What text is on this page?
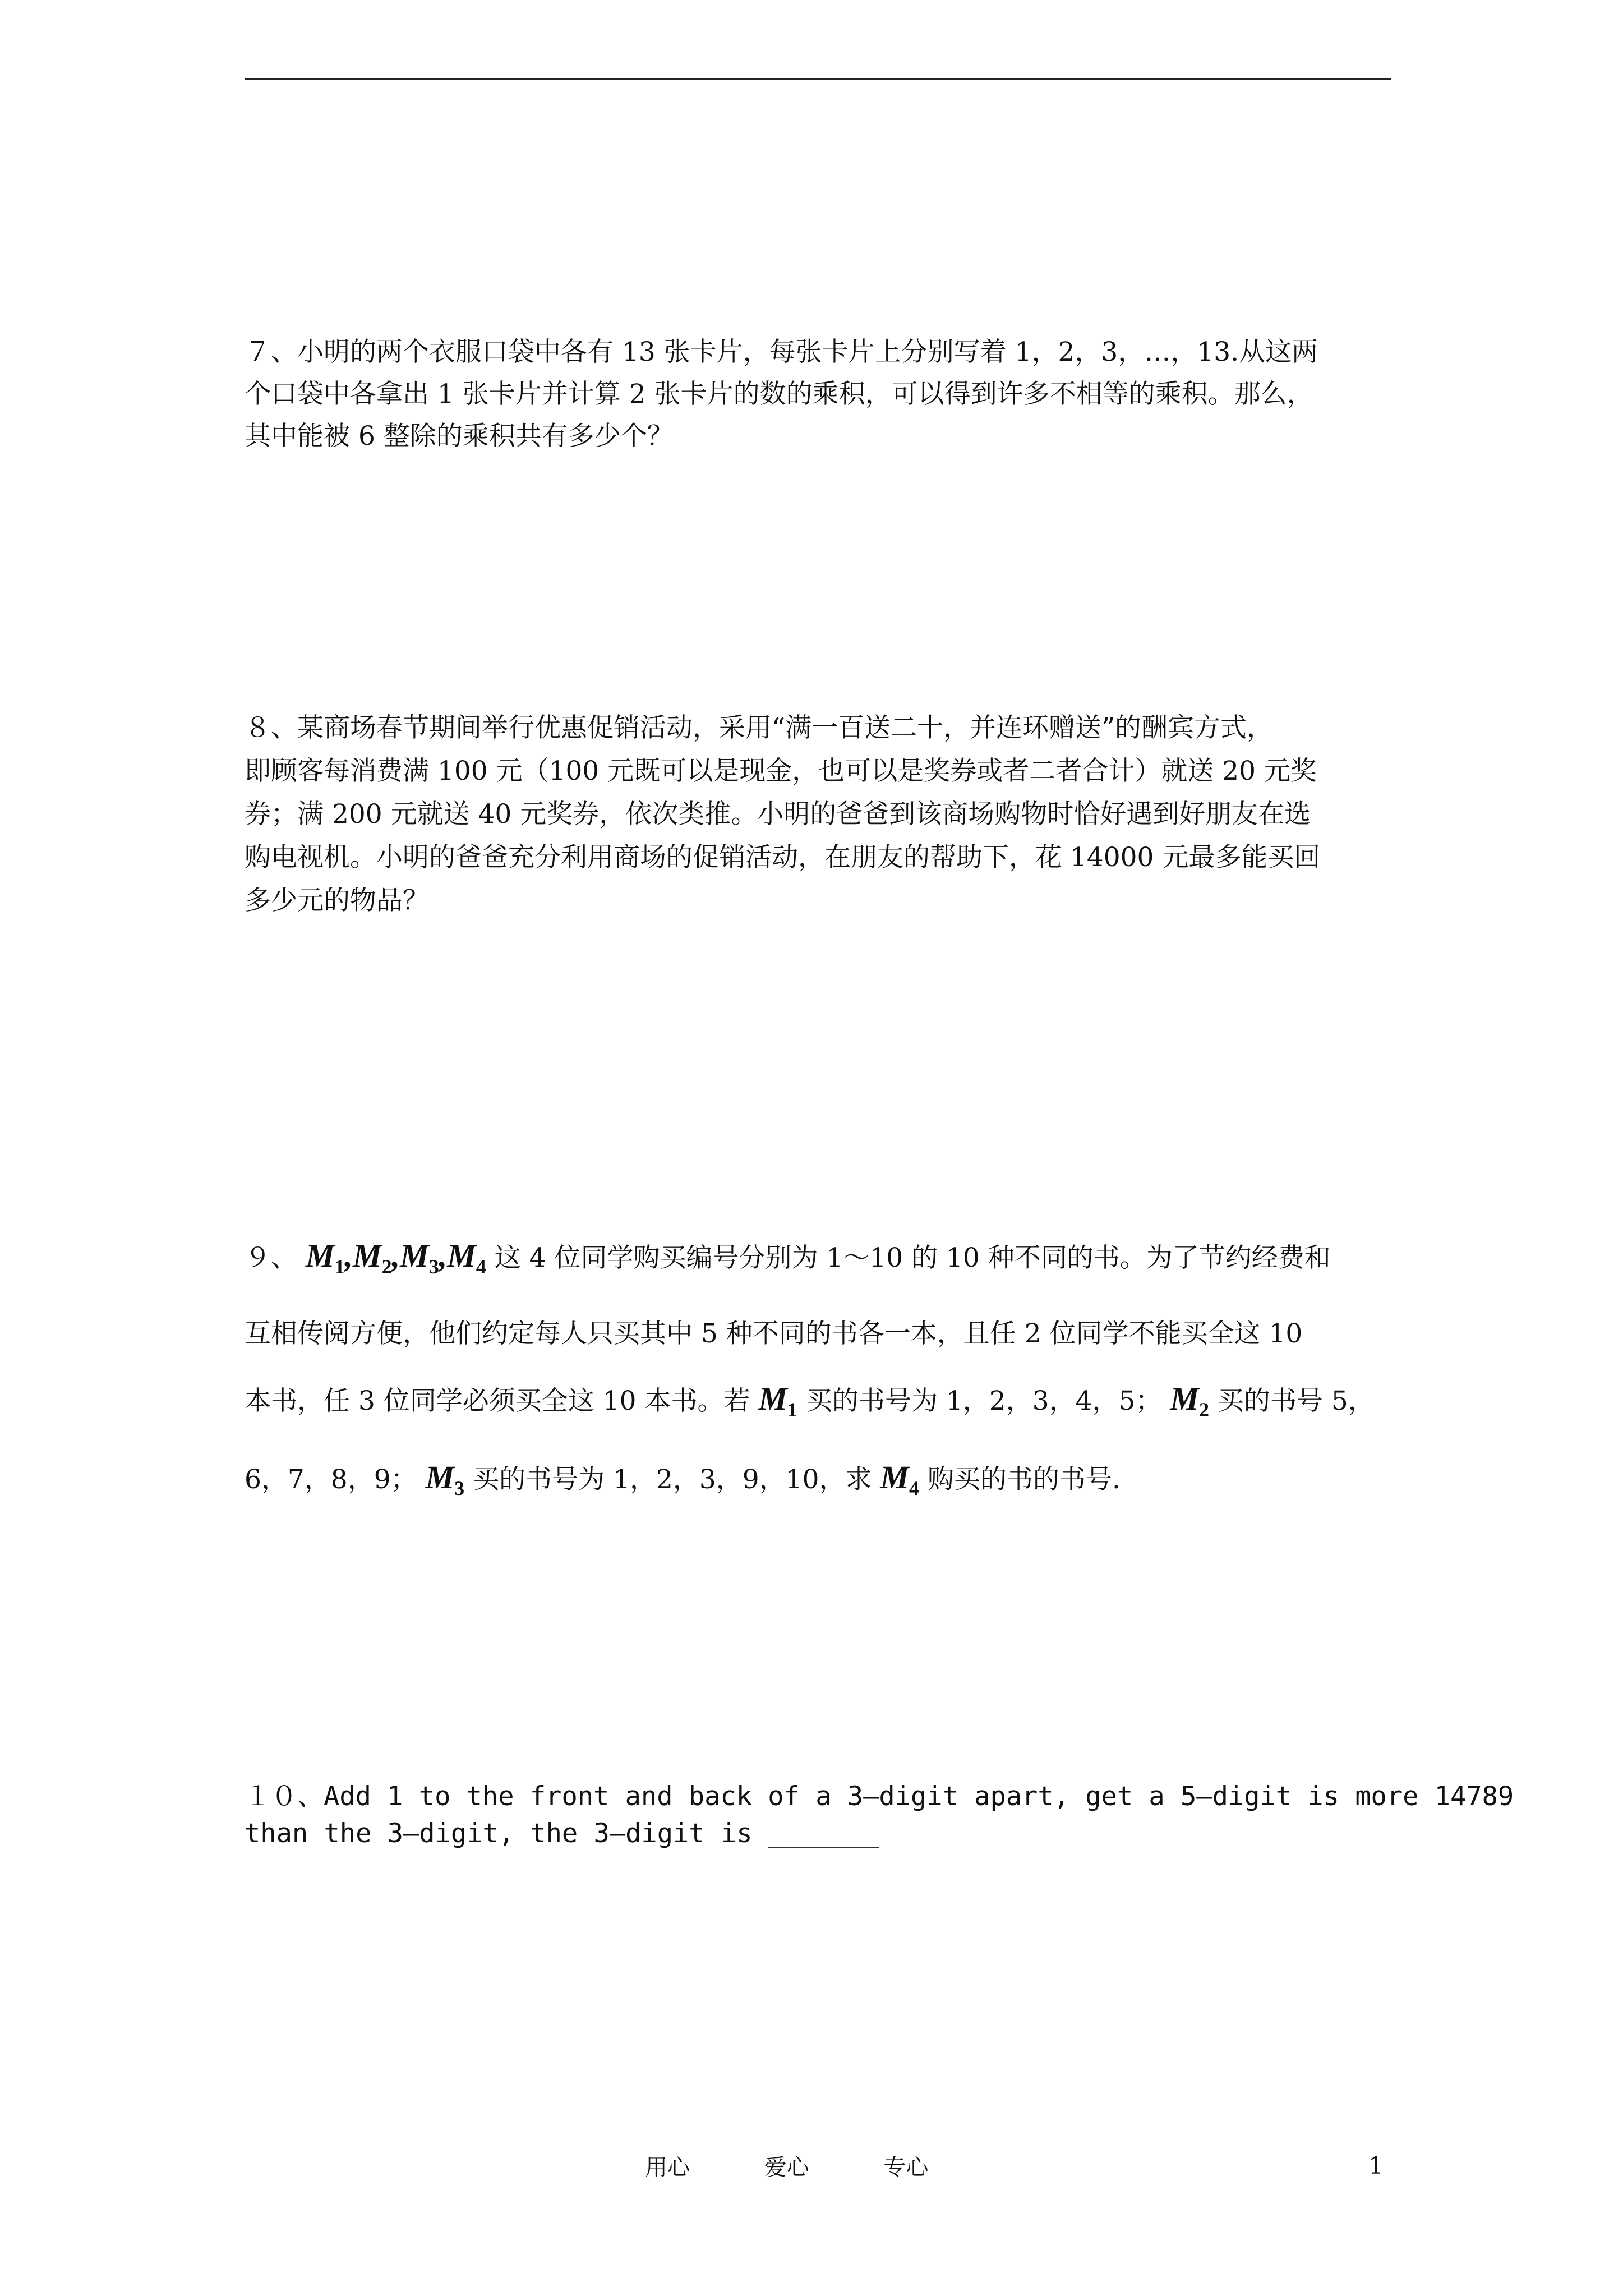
７、小明的两个衣服口袋中各有 13 张卡片，每张卡片上分别写着 1，2，3，…，13.从这两
个口袋中各拿出 1 张卡片并计算 2 张卡片的数的乘积，可以得到许多不相等的乘积。那么，
其中能被 6 整除的乘积共有多少个？
８、某商场春节期间举行优惠促销活动，采用“满一百送二十，并连环赠送”的酬宾方式，
即顾客每消费满 100 元（100 元既可以是现金，也可以是奖券或者二者合计）就送 20 元奖
券；满 200 元就送 40 元奖券，依次类推。小明的爸爸到该商场购物时恰好遇到好朋友在选
购电视机。小明的爸爸充分利用商场的促销活动，在朋友的帮助下，花 14000 元最多能买回
多少元的物品？
９、 $M_1,M_2,M_3,M_4$ 这 4 位同学购买编号分别为 1～10 的 10 种不同的书。为了节约经费和
互相传阅方便，他们约定每人只买其中 5 种不同的书各一本，且任 2 位同学不能买全这 10
本书，任 3 位同学必须买全这 10 本书。若 $M_1$ 买的书号为 1，2，3，4，5； $M_2$ 买的书号 5，
6，7，8，9； $M_3$ 买的书号为 1，2，3，9，10，求 $M_4$ 购买的书的书号.
１０、Add 1 to the front and back of a 3—digit apart, get a 5—digit is more 14789
than the 3—digit, the 3—digit is _______
用心	爱心	专心	1
